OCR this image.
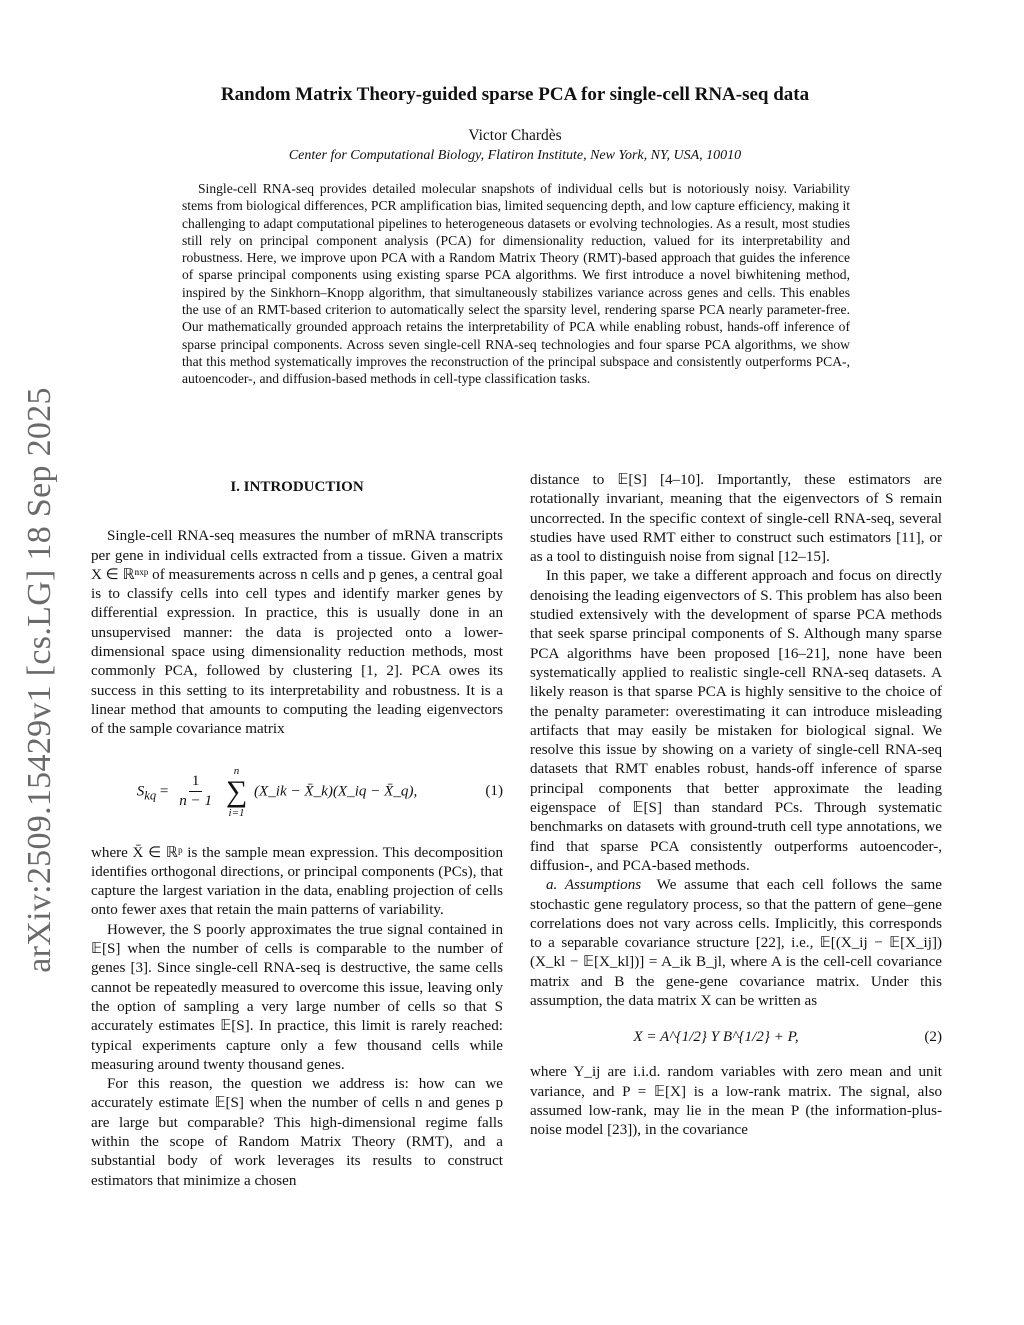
arXiv:2509.15429v1 [cs.LG] 18 Sep 2025
Random Matrix Theory-guided sparse PCA for single-cell RNA-seq data
Victor Chardès
Center for Computational Biology, Flatiron Institute, New York, NY, USA, 10010
Single-cell RNA-seq provides detailed molecular snapshots of individual cells but is notoriously noisy. Variability stems from biological differences, PCR amplification bias, limited sequencing depth, and low capture efficiency, making it challenging to adapt computational pipelines to heterogeneous datasets or evolving technologies. As a result, most studies still rely on principal component analysis (PCA) for dimensionality reduction, valued for its interpretability and robustness. Here, we improve upon PCA with a Random Matrix Theory (RMT)-based approach that guides the inference of sparse principal components using existing sparse PCA algorithms. We first introduce a novel biwhitening method, inspired by the Sinkhorn–Knopp algorithm, that simultaneously stabilizes variance across genes and cells. This enables the use of an RMT-based criterion to automatically select the sparsity level, rendering sparse PCA nearly parameter-free. Our mathematically grounded approach retains the interpretability of PCA while enabling robust, hands-off inference of sparse principal components. Across seven single-cell RNA-seq technologies and four sparse PCA algorithms, we show that this method systematically improves the reconstruction of the principal subspace and consistently outperforms PCA-, autoencoder-, and diffusion-based methods in cell-type classification tasks.
I. INTRODUCTION

Single-cell RNA-seq measures the number of mRNA transcripts per gene in individual cells extracted from a tissue. Given a matrix X ∈ ℝⁿˣᵖ of measurements across n cells and p genes, a central goal is to classify cells into cell types and identify marker genes by differential expression. In practice, this is usually done in an unsupervised manner: the data is projected onto a lower-dimensional space using dimensionality reduction methods, most commonly PCA, followed by clustering [1, 2]. PCA owes its success in this setting to its interpretability and robustness. It is a linear method that amounts to computing the leading eigenvectors of the sample covariance matrix

$S_{kq} = \frac{1}{n - 1}$

n
∑
i=1
(X_ik − X̄_k)(X_iq − X̄_q),	(1)

where X̄ ∈ ℝᵖ is the sample mean expression. This decomposition identifies orthogonal directions, or principal components (PCs), that capture the largest variation in the data, enabling projection of cells onto fewer axes that retain the main patterns of variability.

However, the S poorly approximates the true signal contained in 𝔼[S] when the number of cells is comparable to the number of genes [3]. Since single-cell RNA-seq is destructive, the same cells cannot be repeatedly measured to overcome this issue, leaving only the option of sampling a very large number of cells so that S accurately estimates 𝔼[S]. In practice, this limit is rarely reached: typical experiments capture only a few thousand cells while measuring around twenty thousand genes.

For this reason, the question we address is: how can we accurately estimate 𝔼[S] when the number of cells n and genes p are large but comparable? This high-dimensional regime falls within the scope of Random Matrix Theory (RMT), and a substantial body of work leverages its results to construct estimators that minimize a chosen

distance to 𝔼[S] [4–10]. Importantly, these estimators are rotationally invariant, meaning that the eigenvectors of S remain uncorrected. In the specific context of single-cell RNA-seq, several studies have used RMT either to construct such estimators [11], or as a tool to distinguish noise from signal [12–15].

In this paper, we take a different approach and focus on directly denoising the leading eigenvectors of S. This problem has also been studied extensively with the development of sparse PCA methods that seek sparse principal components of S. Although many sparse PCA algorithms have been proposed [16–21], none have been systematically applied to realistic single-cell RNA-seq datasets. A likely reason is that sparse PCA is highly sensitive to the choice of the penalty parameter: overestimating it can introduce misleading artifacts that may easily be mistaken for biological signal. We resolve this issue by showing on a variety of single-cell RNA-seq datasets that RMT enables robust, hands-off inference of sparse principal components that better approximate the leading eigenspace of 𝔼[S] than standard PCs. Through systematic benchmarks on datasets with ground-truth cell type annotations, we find that sparse PCA consistently outperforms autoencoder-, diffusion-, and PCA-based methods.

a. Assumptions We assume that each cell follows the same stochastic gene regulatory process, so that the pattern of gene–gene correlations does not vary across cells. Implicitly, this corresponds to a separable covariance structure [22], i.e., 𝔼[(X_ij − 𝔼[X_ij])(X_kl − 𝔼[X_kl])] = A_ik B_jl, where A is the cell-cell covariance matrix and B the gene-gene covariance matrix. Under this assumption, the data matrix X can be written as

X = A^{1/2} Y B^{1/2} + P,	(2)

where Y_ij are i.i.d. random variables with zero mean and unit variance, and P = 𝔼[X] is a low-rank matrix. The signal, also assumed low-rank, may lie in the mean P (the information-plus-noise model [23]), in the covariance
